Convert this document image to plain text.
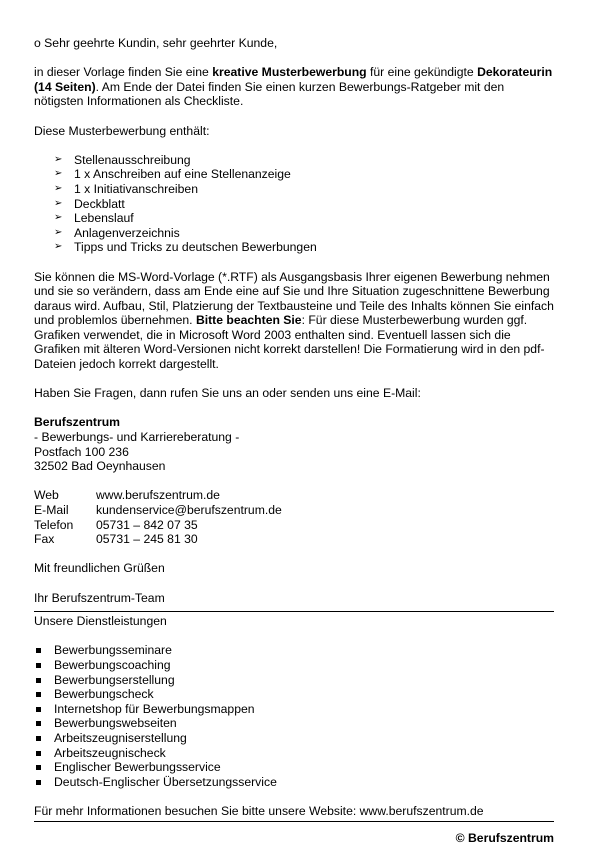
o Sehr geehrte Kundin, sehr geehrter Kunde,

in dieser Vorlage finden Sie eine kreative Musterbewerbung für eine gekündigte Dekorateurin (14 Seiten). Am Ende der Datei finden Sie einen kurzen Bewerbungs-Ratgeber mit den nötigsten Informationen als Checkliste.

Diese Musterbewerbung enthält:

➢ Stellenausschreibung
➢ 1 x Anschreiben auf eine Stellenanzeige
➢ 1 x Initiativanschreiben
➢ Deckblatt
➢ Lebenslauf
➢ Anlagenverzeichnis
➢ Tipps und Tricks zu deutschen Bewerbungen

Sie können die MS-Word-Vorlage (*.RTF) als Ausgangsbasis Ihrer eigenen Bewerbung nehmen und sie so verändern, dass am Ende eine auf Sie und Ihre Situation zugeschnittene Bewerbung daraus wird. Aufbau, Stil, Platzierung der Textbausteine und Teile des Inhalts können Sie einfach und problemlos übernehmen. Bitte beachten Sie: Für diese Musterbewerbung wurden ggf. Grafiken verwendet, die in Microsoft Word 2003 enthalten sind. Eventuell lassen sich die Grafiken mit älteren Word-Versionen nicht korrekt darstellen! Die Formatierung wird in den pdf-Dateien jedoch korrekt dargestellt.

Haben Sie Fragen, dann rufen Sie uns an oder senden uns eine E-Mail:

Berufszentrum

- Bewerbungs- und Karriereberatung -

Postfach 100 236

32502 Bad Oeynhausen

Web	www.berufszentrum.de
E-Mail	kundenservice@berufszentrum.de
Telefon	05731 – 842 07 35
Fax	05731 – 245 81 30

Mit freundlichen Grüßen

Ihr Berufszentrum-Team

Unsere Dienstleistungen

Bewerbungsseminare
Bewerbungscoaching
Bewerbungserstellung
Bewerbungscheck
Internetshop für Bewerbungsmappen
Bewerbungswebseiten
Arbeitszeugniserstellung
Arbeitszeugnischeck
Englischer Bewerbungsservice
Deutsch-Englischer Übersetzungsservice

Für mehr Informationen besuchen Sie bitte unsere Website: www.berufszentrum.de

© Berufszentrum
